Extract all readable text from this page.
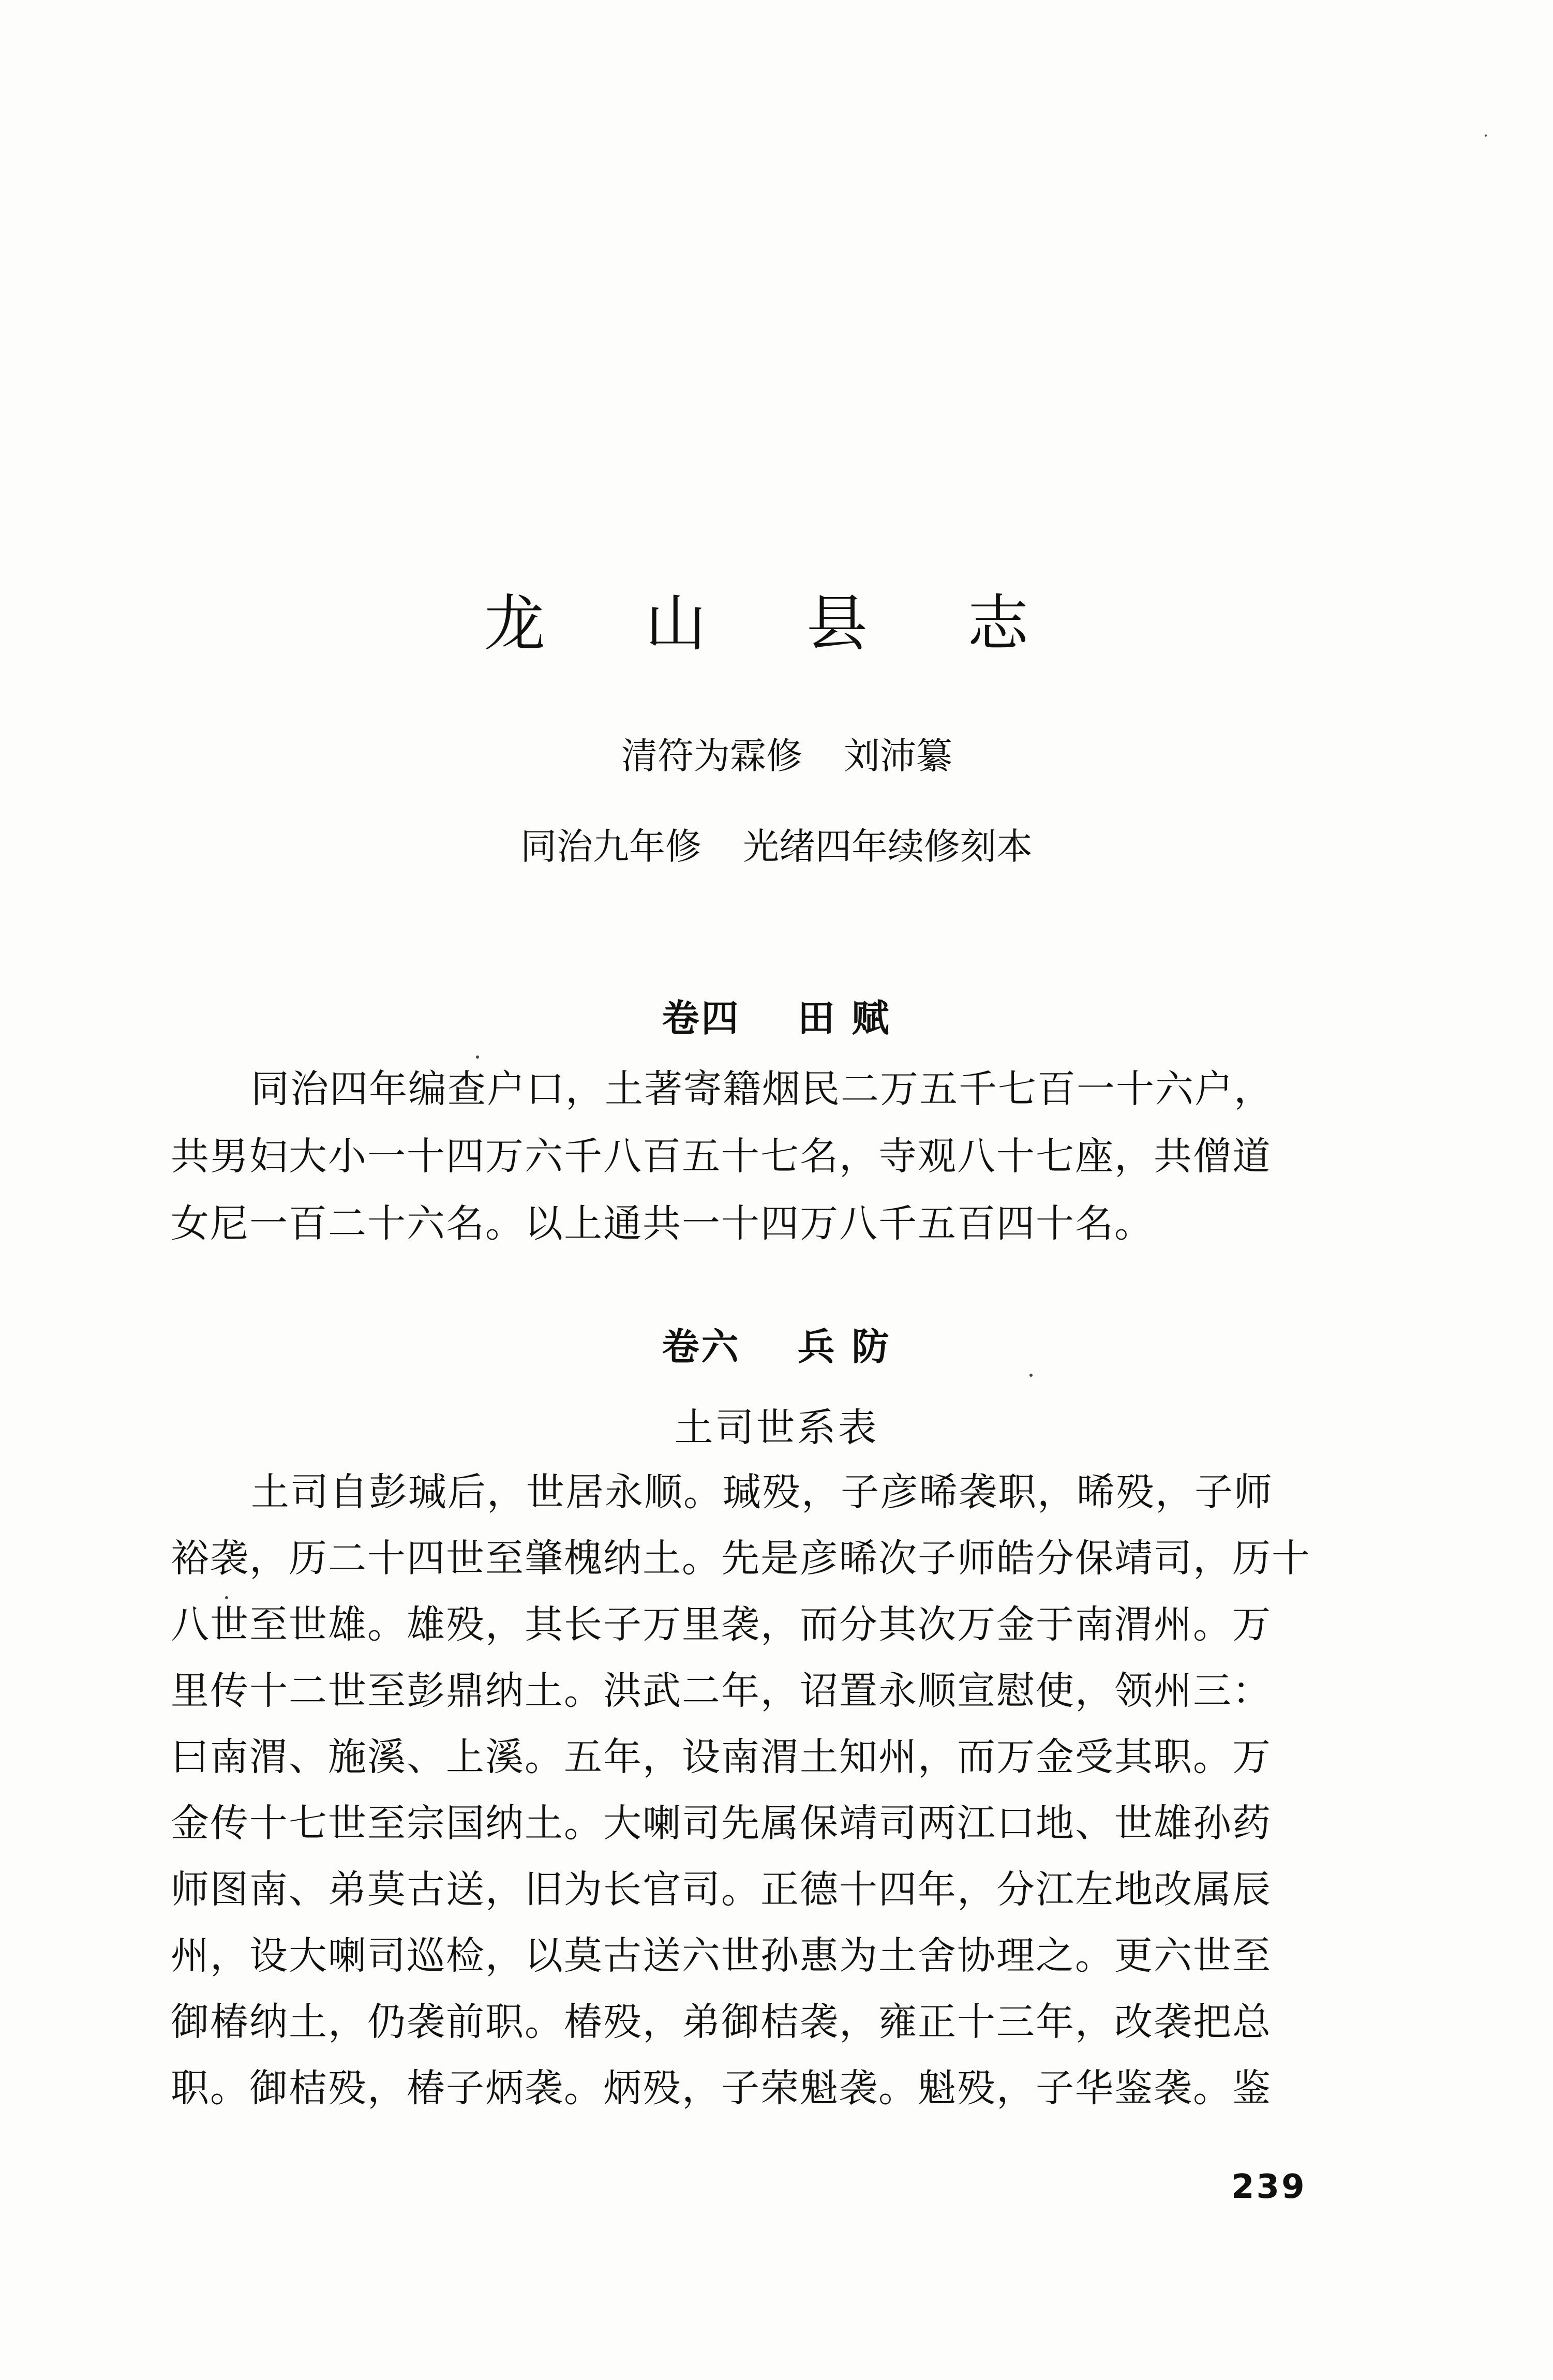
龙 山 县 志
清符为霖修 刘沛纂
同治九年修 光绪四年续修刻本
卷四 田 赋
同治四年编查户口，土著寄籍烟民二万五千七百一十六户，
共男妇大小一十四万六千八百五十七名，寺观八十七座，共僧道
女尼一百二十六名。以上通共一十四万八千五百四十名。
卷六 兵 防
土司世系表
土司自彭瑊后，世居永顺。瑊殁，子彦晞袭职，晞殁，子师
裕袭，历二十四世至肇槐纳土。先是彦晞次子师皓分保靖司，历十
八世至世雄。雄殁，其长子万里袭，而分其次万金于南渭州。万
里传十二世至彭鼎纳土。洪武二年，诏置永顺宣慰使，领州三：
曰南渭、施溪、上溪。五年，设南渭土知州，而万金受其职。万
金传十七世至宗国纳土。大喇司先属保靖司两江口地、世雄孙药
师图南、弟莫古送，旧为长官司。正德十四年，分江左地改属辰
州，设大喇司巡检，以莫古送六世孙惠为土舍协理之。更六世至
御椿纳土，仍袭前职。椿殁，弟御桔袭，雍正十三年，改袭把总
职。御桔殁，椿子炳袭。炳殁，子荣魁袭。魁殁，子华鉴袭。鉴
239
